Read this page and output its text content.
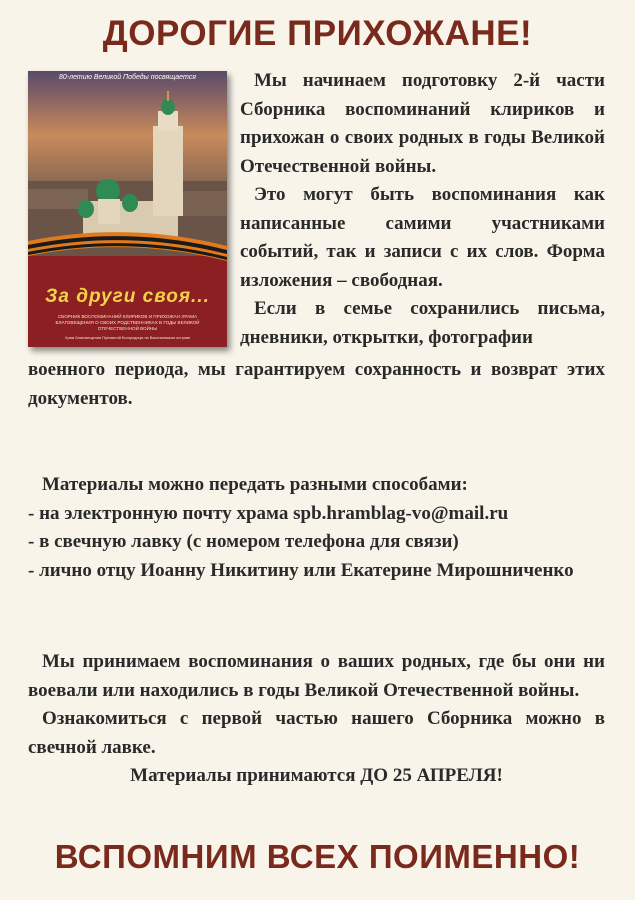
ДОРОГИЕ ПРИХОЖАНЕ!
80-летию Великой Победы посвящается
За други своя...
СБОРНИК ВОСПОМИНАНИЙ КЛИРИКОВ И ПРИХОЖАН ХРАМА БЛАГОВЕЩЕНИЯ О СВОИХ РОДСТВЕННИКАХ В ГОДЫ ВЕЛИКОЙ ОТЕЧЕСТВЕННОЙ ВОЙНЫ
Храм Благовещения Пресвятой Богородицы на Васильевском острове
Мы начинаем подготовку 2-й части Сборника воспоминаний клириков и прихожан о своих родных в годы Великой Отечественной войны.
Это могут быть воспоминания как написанные самими участниками событий, так и записи с их слов. Форма изложения – свободная.
Если в семье сохранились письма, дневники, открытки, фотографии
военного периода, мы гарантируем сохранность и возврат этих документов.
Материалы можно передать разными способами:
- на электронную почту храма spb.hramblag-vo@mail.ru
- в свечную лавку (с номером телефона для связи)
- лично отцу Иоанну Никитину или Екатерине Мирошниченко
Мы принимаем воспоминания о ваших родных, где бы они ни воевали или находились в годы Великой Отечественной войны.
Ознакомиться с первой частью нашего Сборника можно в свечной лавке.
Материалы принимаются ДО 25 АПРЕЛЯ!
ВСПОМНИМ ВСЕХ ПОИМЕННО!
